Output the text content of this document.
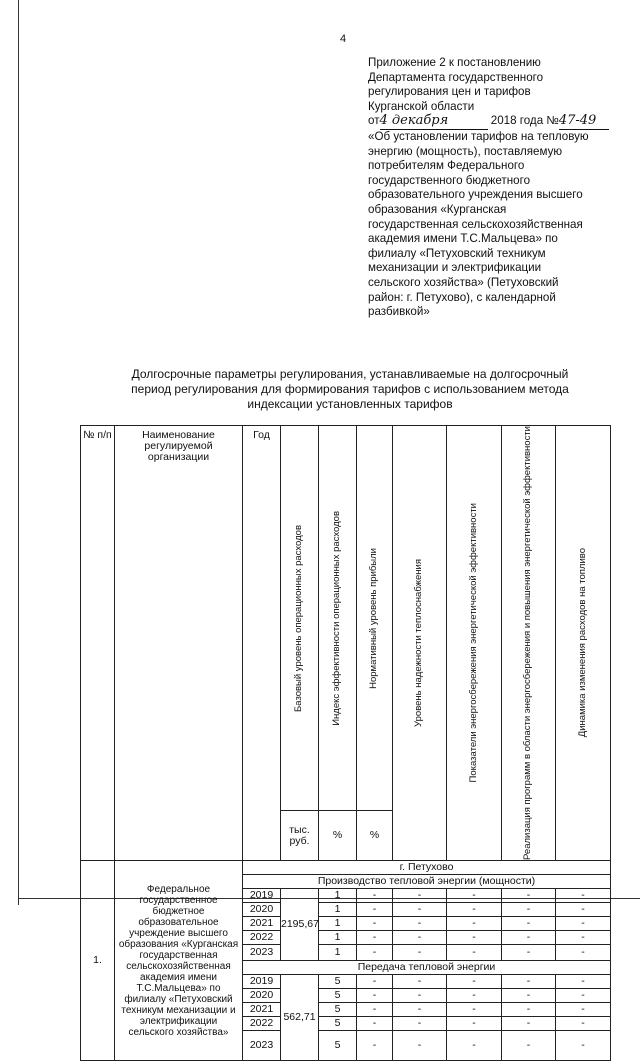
4
Приложение 2 к постановлению
Департамента государственного
регулирования цен и тарифов
Курганской области
от4 декабря	2018 года №47-49
«Об установлении тарифов на тепловую
энергию (мощность), поставляемую
потребителям Федерального
государственного бюджетного
образовательного учреждения высшего
образования «Курганская
государственная сельскохозяйственная
академия имени Т.С.Мальцева» по
филиалу «Петуховский техникум
механизации и электрификации
сельского хозяйства» (Петуховский
район: г. Петухово), с календарной
разбивкой»
Долгосрочные параметры регулирования, устанавливаемые на долгосрочный
период регулирования для формирования тарифов с использованием метода
индексации установленных тарифов
№ п/п	Наименование регулируемой организации	Год	Базовый уровень операционных расходов	Индекс эффективности операционных расходов	Нормативный уровень прибыли	Уровень надежности теплоснабжения	Показатели энергосбережения энергетической эффективности	Реализация программ в области энергосбережения и повышения энергетической эффективности	Динамика изменения расходов на топливо

			тыс. руб.	%	%				
1.	Федеральное государственное бюджетное образовательное учреждение высшего образования «Курганская государственная сельскохозяйственная академия имени Т.С.Мальцева» по филиалу «Петуховский техникум механизации и электрификации сельского хозяйства»	г. Петухово							
		Производство тепловой энергии (мощности)							
		2019	2195,67	1	-	-	-	-	-
		2020		1	-	-	-	-	-
		2021		1	-	-	-	-	-
		2022		1	-	-	-	-	-
		2023		1	-	-	-	-	-
		Передача тепловой энергии							
		2019	562,71	5	-	-	-	-	-
		2020		5	-	-	-	-	-
		2021		5	-	-	-	-	-
		2022		5	-	-	-	-	-
		2023		5	-	-	-	-	-
